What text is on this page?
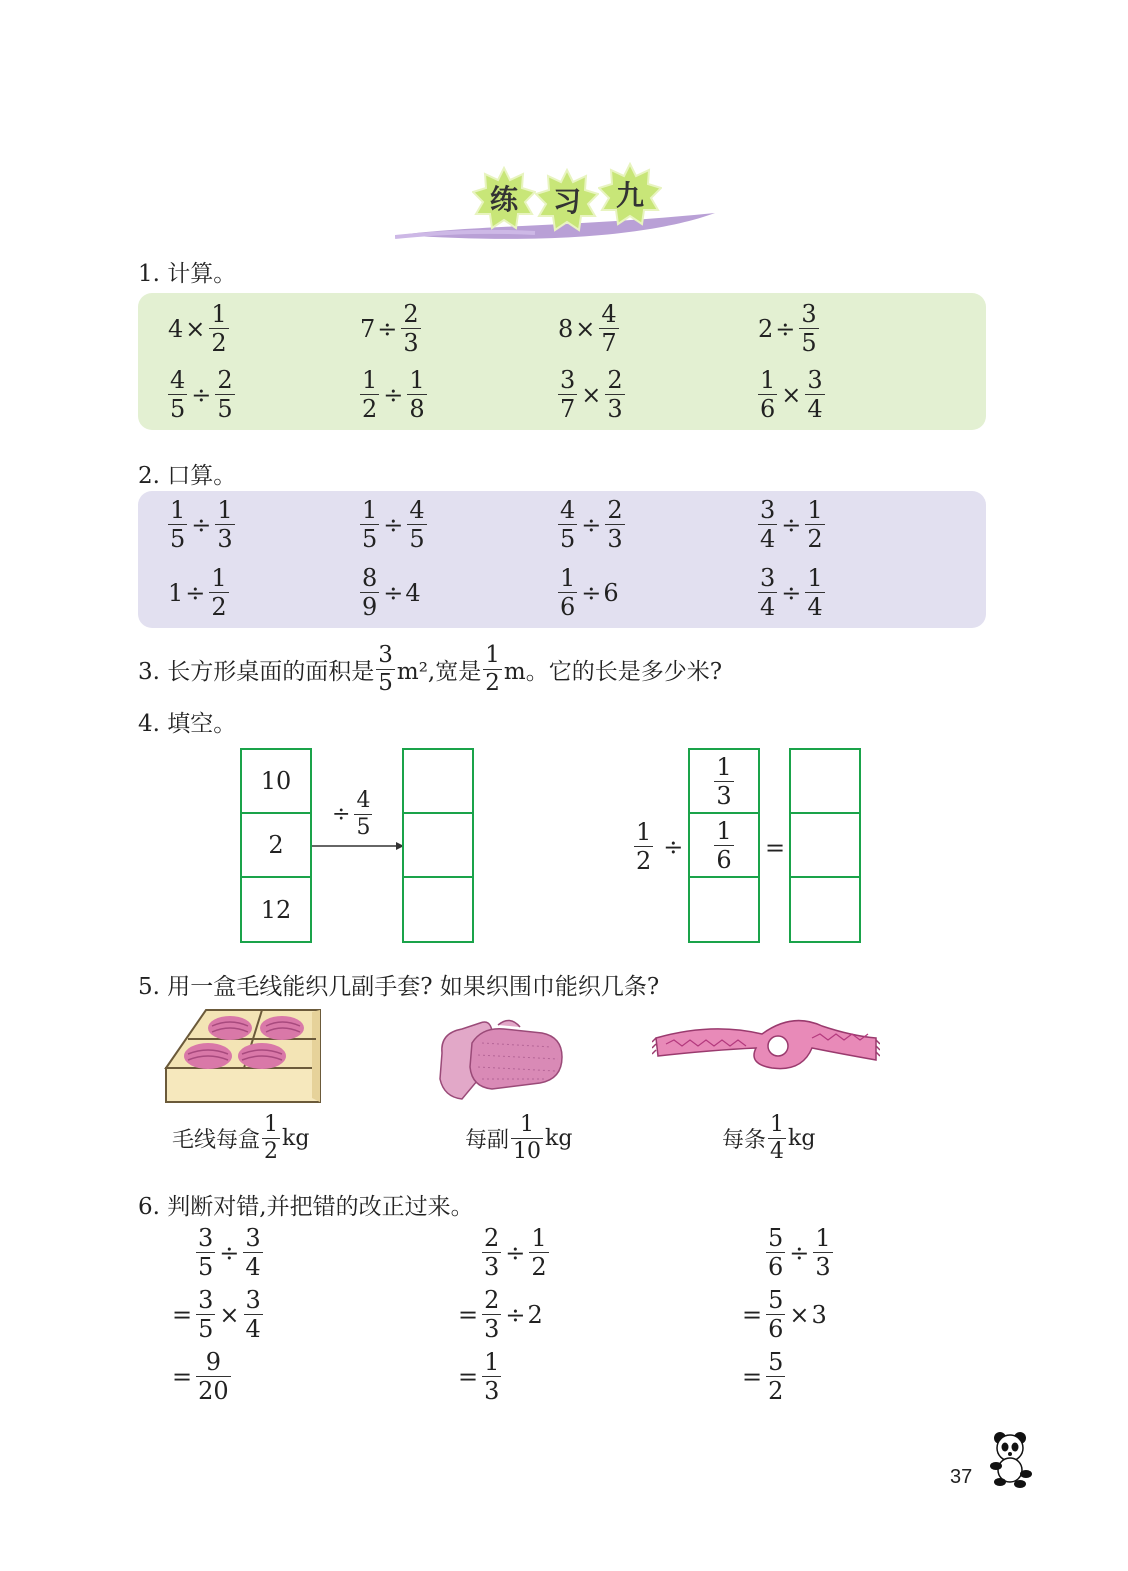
练	习	九
1. 计算。
$4 \times \frac{1}{2}$	$7 \div \frac{2}{3}$	$8 \times \frac{4}{7}$	$2 \div \frac{3}{5}$
$\frac{4}{5} \div \frac{2}{5}$	$\frac{1}{2} \div \frac{1}{8}$	$\frac{3}{7} \times \frac{2}{3}$	$\frac{1}{6} \times \frac{3}{4}$
2. 口算。
$\frac{1}{5} \div \frac{1}{3}$	$\frac{1}{5} \div \frac{4}{5}$	$\frac{4}{5} \div \frac{2}{3}$	$\frac{3}{4} \div \frac{1}{2}$
$1 \div \frac{1}{2}$	$\frac{8}{9} \div 4$	$\frac{1}{6} \div 6$	$\frac{3}{4} \div \frac{1}{4}$
3. 长方形桌面的面积是 $\frac{3}{5} m^2$,宽是 $\frac{1}{2}$ m。它的长是多少米?
4. 填空。
10
2
12
÷ $\frac{4}{5}$
$\frac{1}{2}$ ÷
$\frac{1}{3}$
$\frac{1}{6}$ =
5. 用一盒毛线能织几副手套? 如果织围巾能织几条?
毛线每盒 $\frac{1}{2}$ kg	每副 $\frac{1}{10}$ kg	每条 $\frac{1}{4}$ kg
6. 判断对错,并把错的改正过来。
$\frac{3}{5} \div \frac{3}{4}$
= $\frac{3}{5} \times \frac{3}{4}$
= $\frac{9}{20}$
$\frac{2}{3} \div \frac{1}{2}$
= $\frac{2}{3} \div 2$
= $\frac{1}{3}$
$\frac{5}{6} \div \frac{1}{3}$
= $\frac{5}{6} \times 3$
= $\frac{5}{2}$
37
